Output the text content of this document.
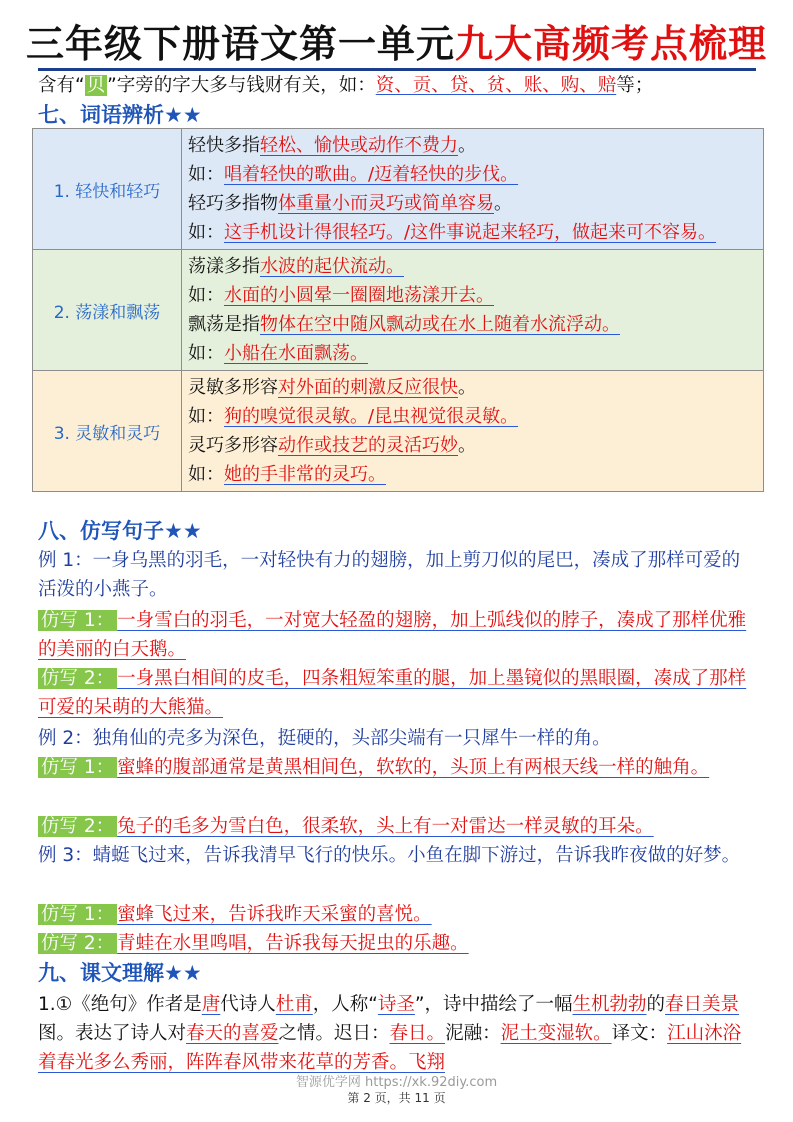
三年级下册语文第一单元九大高频考点梳理
含有“ 贝 ”字旁的字大多与钱财有关，如：资、贡、贷、贫、账、购、赔等；
七、词语辨析★★
1. 轻快和轻巧	轻快多指轻松、愉快或动作不费力。
如：唱着轻快的歌曲。/迈着轻快的步伐。
轻巧多指物体重量小而灵巧或简单容易。
如：这手机设计得很轻巧。/这件事说起来轻巧，做起来可不容易。

2. 荡漾和飘荡	荡漾多指水波的起伏流动。
如：水面的小圆晕一圈圈地荡漾开去。
飘荡是指物体在空中随风飘动或在水上随着水流浮动。
如：小船在水面飘荡。

3. 灵敏和灵巧	灵敏多形容对外面的刺激反应很快。
如：狗的嗅觉很灵敏。/昆虫视觉很灵敏。
灵巧多形容动作或技艺的灵活巧妙。
如：她的手非常的灵巧。
八、仿写句子★★
例 1：一身乌黑的羽毛，一对轻快有力的翅膀，加上剪刀似的尾巴，凑成了那样可爱的活泼的小燕子。
仿写 1： 一身雪白的羽毛，一对宽大轻盈的翅膀，加上弧线似的脖子，凑成了那样优雅的美丽的白天鹅。
仿写 2： 一身黑白相间的皮毛，四条粗短笨重的腿，加上墨镜似的黑眼圈，凑成了那样可爱的呆萌的大熊猫。
例 2：独角仙的壳多为深色，挺硬的，头部尖端有一只犀牛一样的角。
仿写 1： 蜜蜂的腹部通常是黄黑相间色，软软的，头顶上有两根天线一样的触角。
仿写 2： 兔子的毛多为雪白色，很柔软，头上有一对雷达一样灵敏的耳朵。
例 3：蜻蜓飞过来，告诉我清早飞行的快乐。小鱼在脚下游过，告诉我昨夜做的好梦。
仿写 1： 蜜蜂飞过来，告诉我昨天采蜜的喜悦。
仿写 2： 青蛙在水里鸣唱，告诉我每天捉虫的乐趣。
九、课文理解★★
1.①《绝句》作者是唐代诗人杜甫，人称“诗圣”，诗中描绘了一幅生机勃勃的春日美景图。表达了诗人对春天的喜爱之情。迟日：春日。泥融：泥土变湿软。译文：江山沐浴着春光多么秀丽，阵阵春风带来花草的芳香。飞翔
智源优学网 https://xk.92diy.com
第 2 页，共 11 页
